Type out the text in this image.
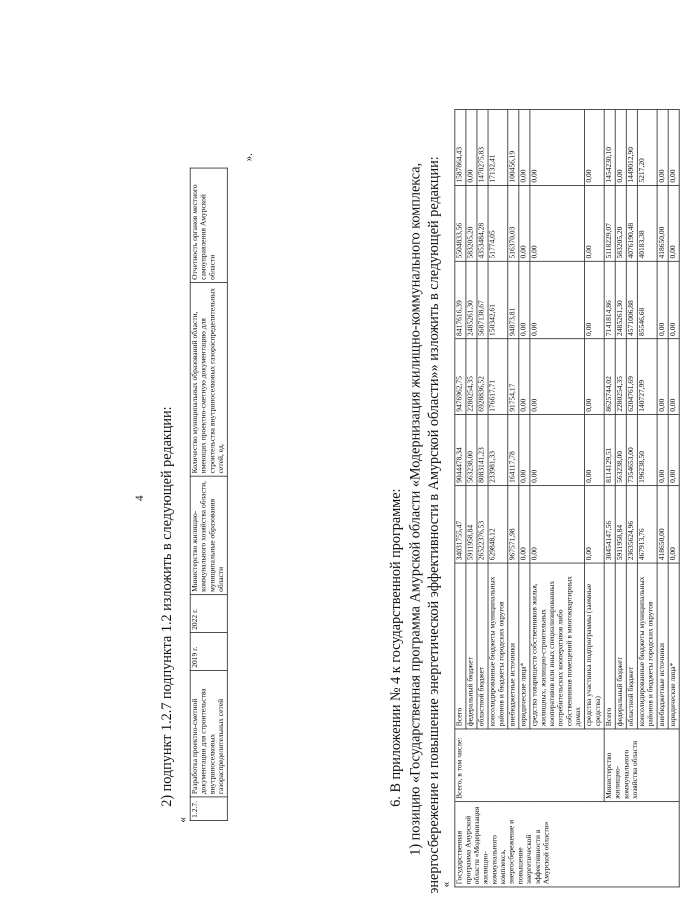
4 2) подпункт 1.2.7 подпункта 1.2 изложить в следующей редакции:
«
1.2.7.	Разработка проектно-сметной документации для строительства внутрипоселковых газораспределительных сетей	2019 г.	2022 г.	Министерство жилищно-коммунального хозяйства области, муниципальные образования области	Количество муниципальных образований области, имеющих проектно-сметную документацию для строительства внутрипоселковых газораспределительных сетей, ед.	Отчетность органов местного самоуправления Амурской области
».
6. В приложении № 4 к государственной программе: 1) позицию «Государственная программа Амурской области «Модернизация жилищно-коммунального комплекса, энергосбережение и повышение энергетической эффективности в Амурской области»» изложить в следующей редакции: «
Государственная программа Амурской области «Модернизация жилищно-коммунального комплекса, энергосбережение и повышение энергетической эффективности в Амурской области»	Всего, в том числе:	Всего	34031755,47	9044478,34	9476962,75	8417616,39	5504833,56	1587864,43
		федеральный бюджет	5911958,84	563238,00	2280254,35	2485261,30	583205,20	0,00
		областной бюджет	26522376,53	8083141,23	6928836,52	5687138,67	4353484,28	1470275,83
		консолидированные бюджеты муниципальных районов и бюджеты городских округов	629848,12	233981,33	176617,71	150342,61	51774,05	17132,41
		внебюджетные источники	967571,98	164117,78	91754,17	94873,81	516370,03	100456,19
		юридические лица*	0,00	0,00	0,00	0,00	0,00	0,00
		средства товариществ собственников жилья, жилищных, жилищно-строительных кооперативов или иных специализированных потребительских кооперативов либо собственников помещений в многоквартирных домах	0,00	0,00	0,00	0,00	0,00	0,00
		средства участника подпрограммы (заемные средства)	0,00	0,00	0,00	0,00	0,00	0,00
	Министерство жилищно-коммунального хозяйства области	Всего	30454147,56	8114129,51	8625744,02	7141814,86	5118229,07	1454230,10
		федеральный бюджет	5911958,84	563238,00	2280254,35	2485261,30	583205,20	0,00
		областной бюджет	23635624,96	7354653,00	6204761,69	4571006,88	4076190,48	1449012,90
		консолидированные бюджеты муниципальных районов и бюджеты городских округов	467913,76	196238,50	140727,99	85546,68	40183,38	5217,20
		внебюджетные источники	418650,00	0,00	0,00	0,00	418650,00	0,00
		юридические лица*	0,00	0,00	0,00	0,00	0,00	0,00
